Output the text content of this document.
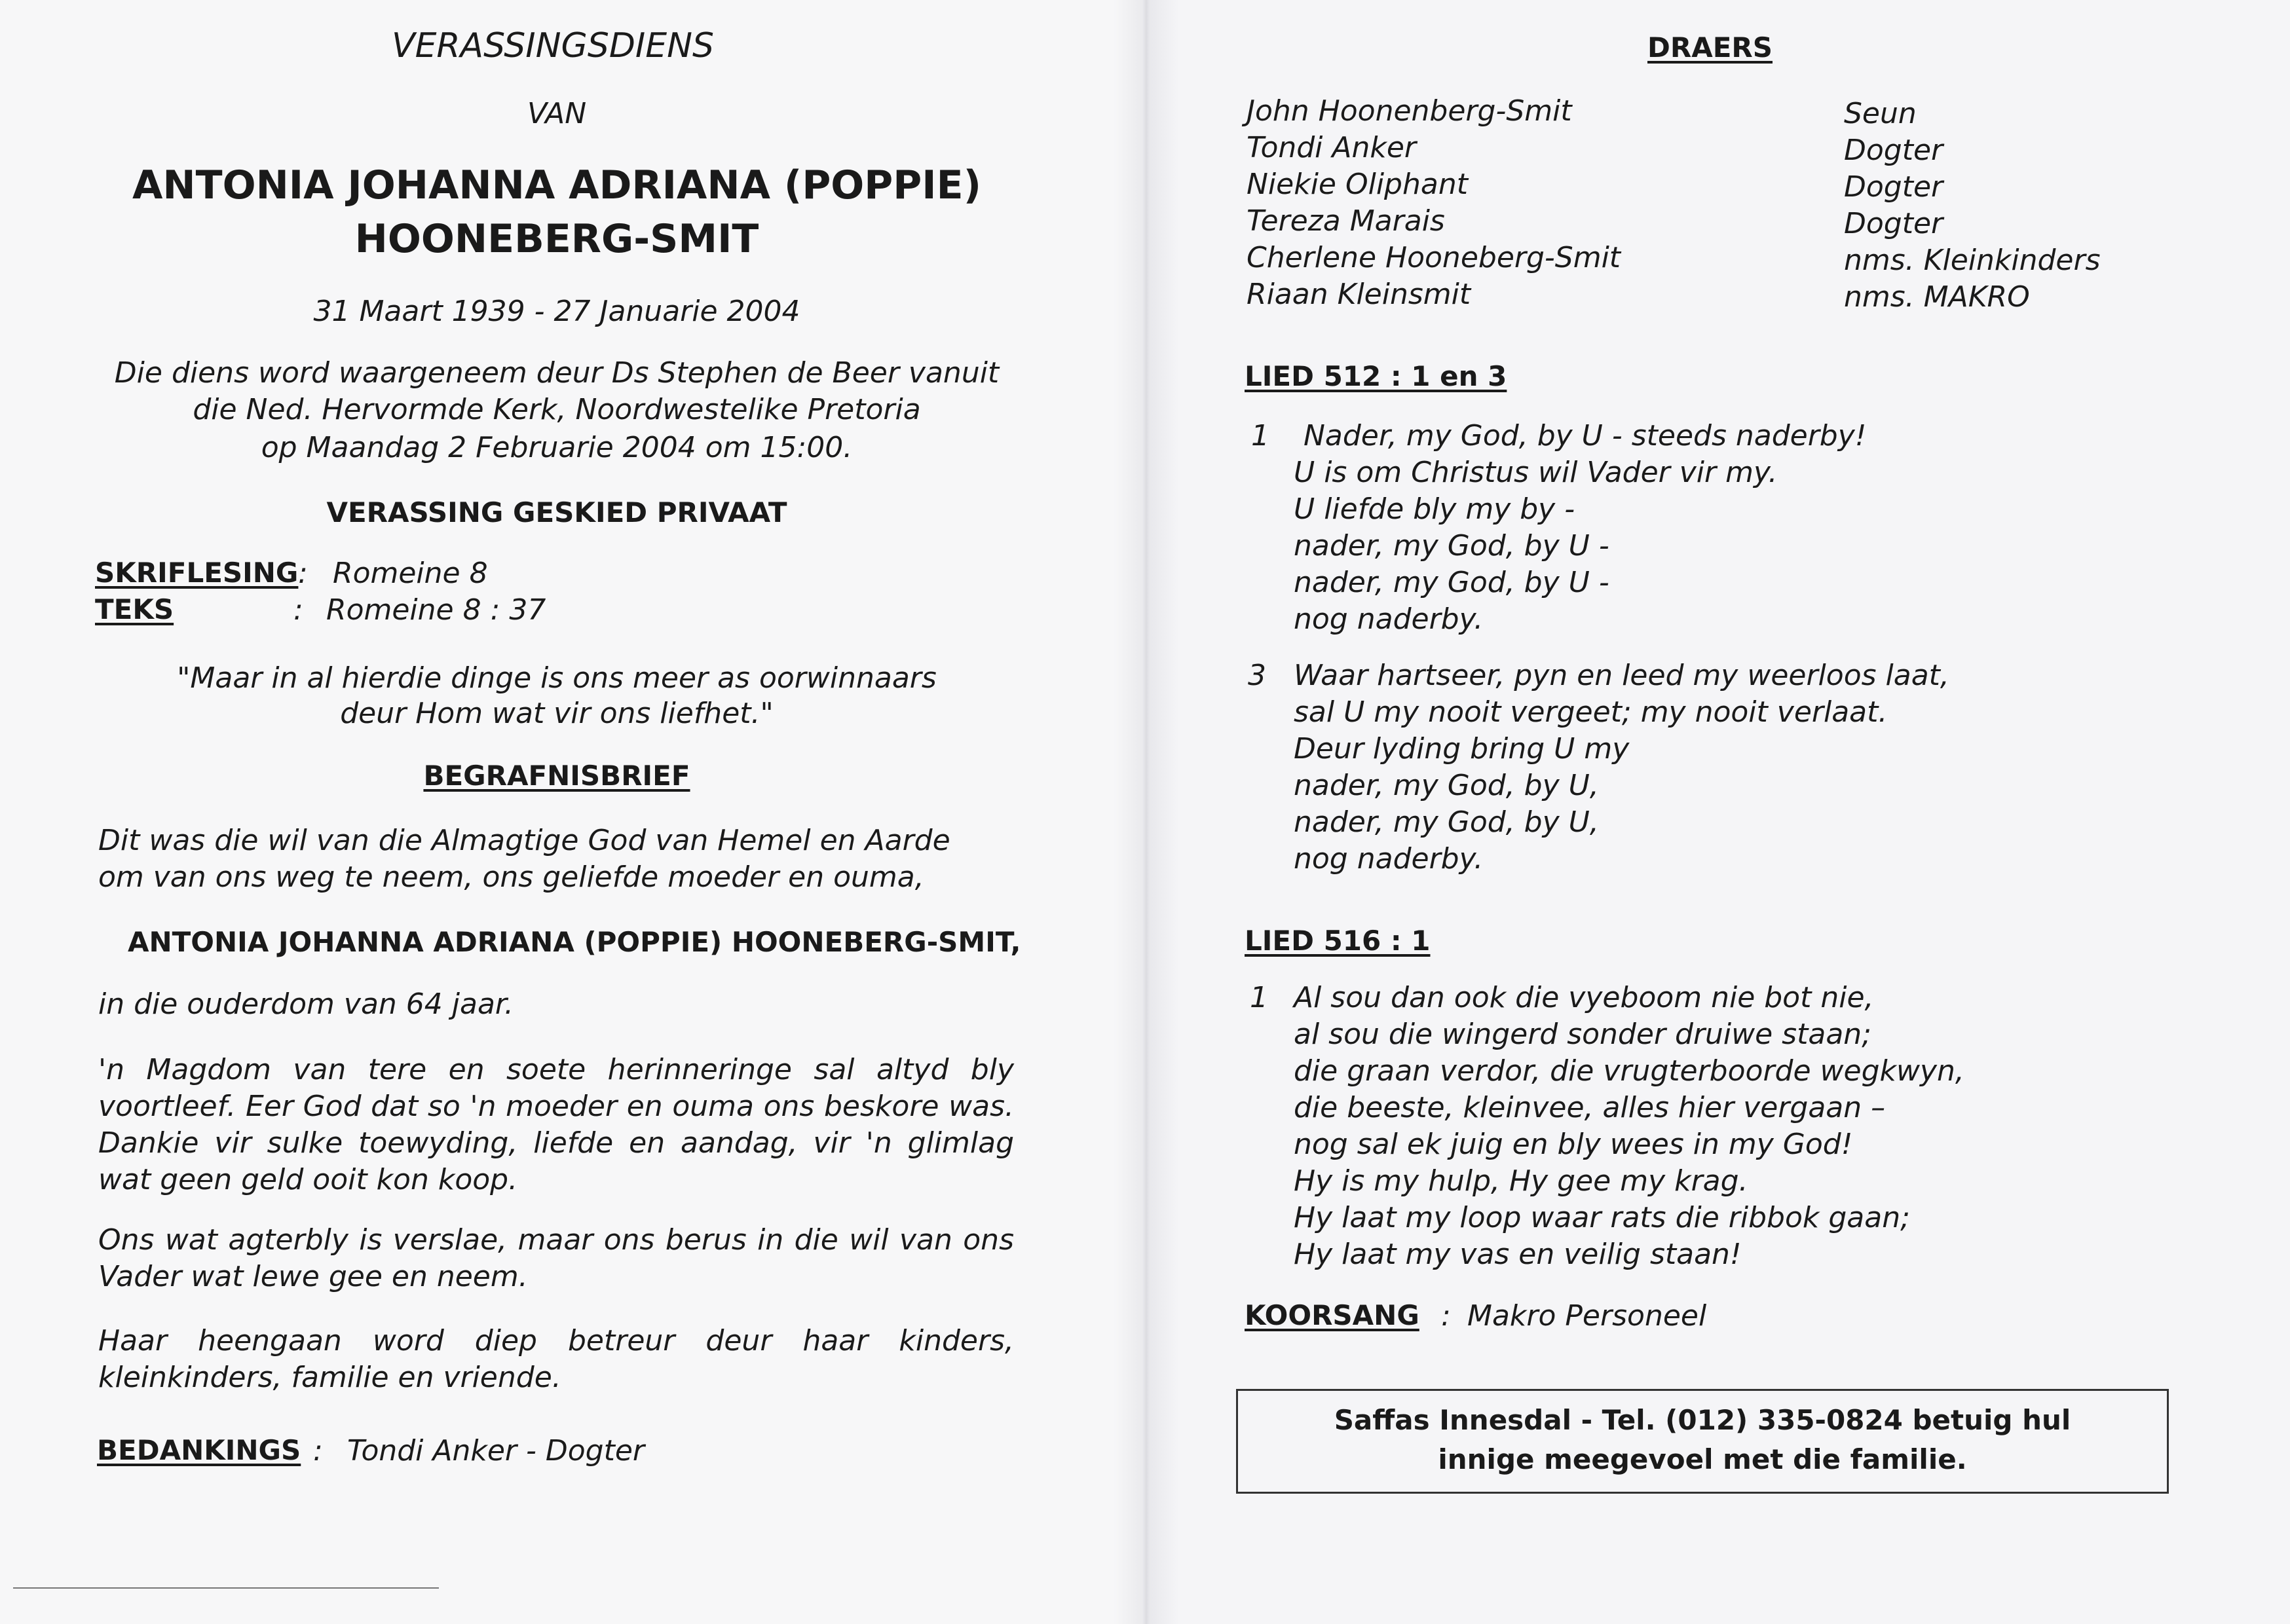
VERASSINGSDIENS
VAN
ANTONIA JOHANNA ADRIANA (POPPIE)
HOONEBERG-SMIT
31 Maart 1939 - 27 Januarie 2004
Die diens word waargeneem deur Ds Stephen de Beer vanuit
die Ned. Hervormde Kerk, Noordwestelike Pretoria
op Maandag 2 Februarie 2004 om 15:00.
VERASSING GESKIED PRIVAAT
SKRIFLESING : Romeine 8
TEKS	: Romeine 8 : 37
"Maar in al hierdie dinge is ons meer as oorwinnaars
deur Hom wat vir ons liefhet."
BEGRAFNISBRIEF
Dit was die wil van die Almagtige God van Hemel en Aarde
om van ons weg te neem, ons geliefde moeder en ouma,
ANTONIA JOHANNA ADRIANA (POPPIE) HOONEBERG-SMIT,
in die ouderdom van 64 jaar.
'n Magdom van tere en soete herinneringe sal altyd bly voortleef. Eer God dat so 'n moeder en ouma ons beskore was. Dankie vir sulke toewyding, liefde en aandag, vir 'n glimlag wat geen geld ooit kon koop.
Ons wat agterbly is verslae, maar ons berus in die wil van ons Vader wat lewe gee en neem.
Haar heengaan word diep betreur deur haar kinders, kleinkinders, familie en vriende.
BEDANKINGS : Tondi Anker - Dogter
DRAERS
John Hoonenberg-Smit	Seun
Tondi Anker	Dogter
Niekie Oliphant	Dogter
Tereza Marais	Dogter
Cherlene Hooneberg-Smit	nms. Kleinkinders
Riaan Kleinsmit	nms. MAKRO
LIED 512 : 1 en 3
1 Nader, my God, by U - steeds naderby!
U is om Christus wil Vader vir my.
U liefde bly my by -
nader, my God, by U -
nader, my God, by U -
nog naderby.
3 Waar hartseer, pyn en leed my weerloos laat,
sal U my nooit vergeet; my nooit verlaat.
Deur lyding bring U my
nader, my God, by U,
nader, my God, by U,
nog naderby.
LIED 516 : 1
1 Al sou dan ook die vyeboom nie bot nie,
al sou die wingerd sonder druiwe staan;
die graan verdor, die vrugterboorde wegkwyn,
die beeste, kleinvee, alles hier vergaan –
nog sal ek juig en bly wees in my God!
Hy is my hulp, Hy gee my krag.
Hy laat my loop waar rats die ribbok gaan;
Hy laat my vas en veilig staan!
KOORSANG : Makro Personeel
Saffas Innesdal - Tel. (012) 335-0824 betuig hul
innige meegevoel met die familie.
